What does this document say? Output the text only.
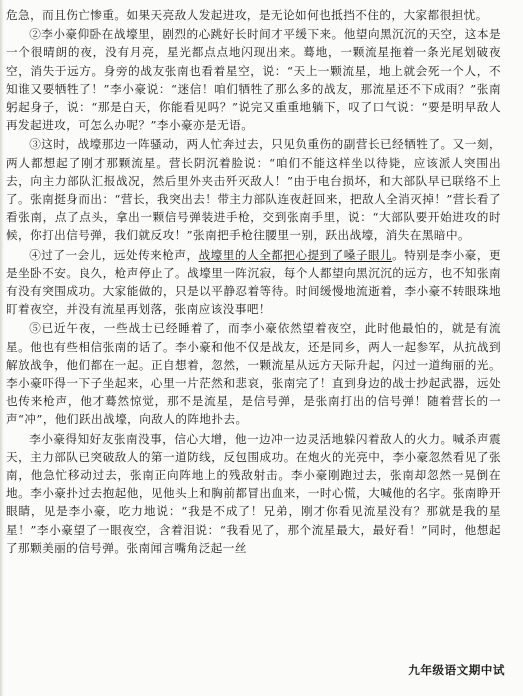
危急，而且伤亡惨重。如果天亮敌人发起进攻，是无论如何也抵挡不住的，大家都很担忧。

②李小豪仰卧在战壕里，剧烈的心跳好长时间才平缓下来。他望向黑沉沉的天空，这本是一个很晴朗的夜，没有月亮，星光都点点地闪现出来。蓦地，一颗流星拖着一条光尾划破夜空，消失于远方。身旁的战友张南也看着星空，说：“天上一颗流星，地上就会死一个人，不知谁又要牺牲了！”李小豪说：“迷信！咱们牺牲了那么多的战友，那流星还不下成雨？”张南躬起身子，说：“那是白天，你能看见吗？”说完又重重地躺下，叹了口气说：“要是明早敌人再发起进攻，可怎么办呢？”李小豪亦是无语。

③这时，战壕那边一阵骚动，两人忙奔过去，只见负重伤的副营长已经牺牲了。又一刻，两人都想起了刚才那颗流星。营长阴沉着脸说：“咱们不能这样坐以待毙，应该派人突围出去，向主力部队汇报战况，然后里外夹击歼灭敌人！”由于电台损坏，和大部队早已联络不上了。张南挺身而出：“营长，我突出去！带主力部队连夜赶回来，把敌人全消灭掉！”营长看了看张南，点了点头，拿出一颗信号弹装进手枪，交到张南手里，说：“大部队要开始进攻的时候，你打出信号弹，我们就反攻！”张南把手枪往腰里一别，跃出战壕，消失在黑暗中。

④过了一会儿，远处传来枪声，战壕里的人全都把心提到了嗓子眼儿。特别是李小豪，更是坐卧不安。良久，枪声停止了。战壕里一阵沉寂，每个人都望向黑沉沉的远方，也不知张南有没有突围成功。大家能做的，只是以平静忍着等待。时间缓慢地流逝着，李小豪不转眼珠地盯着夜空，并没有流星再划落，张南应该没事吧！

⑤已近午夜，一些战士已经睡着了，而李小豪依然望着夜空，此时他最怕的，就是有流星。他也有些相信张南的话了。李小豪和他不仅是战友，还是同乡，两人一起参军，从抗战到解放战争，他们都在一起。正自想着，忽然，一颗流星从远方天际升起，闪过一道绚丽的光。李小豪吓得一下子坐起来，心里一片茫然和悲哀，张南完了！直到身边的战士抄起武器，远处也传来枪声，他才蓦然惊觉，那不是流星，是信号弹，是张南打出的信号弹！随着营长的一声“冲”，他们跃出战壕，向敌人的阵地扑去。

李小豪得知好友张南没事，信心大增，他一边冲一边灵活地躲闪着敌人的火力。喊杀声震天，主力部队已突破敌人的第一道防线，反包围成功。在炮火的光亮中，李小豪忽然看见了张南，他急忙移动过去，张南正向阵地上的残敌射击。李小豪刚跑过去，张南却忽然一晃倒在地。李小豪扑过去抱起他，见他头上和胸前都冒出血来，一时心慌，大喊他的名字。张南睁开眼睛，见是李小豪，吃力地说：“我是不成了！兄弟，刚才你看见流星没有？那就是我的星星！”李小豪望了一眼夜空，含着泪说：“我看见了，那个流星最大，最好看！”同时，他想起了那颗美丽的信号弹。张南闻言嘴角泛起一丝

九年级语文期中试
